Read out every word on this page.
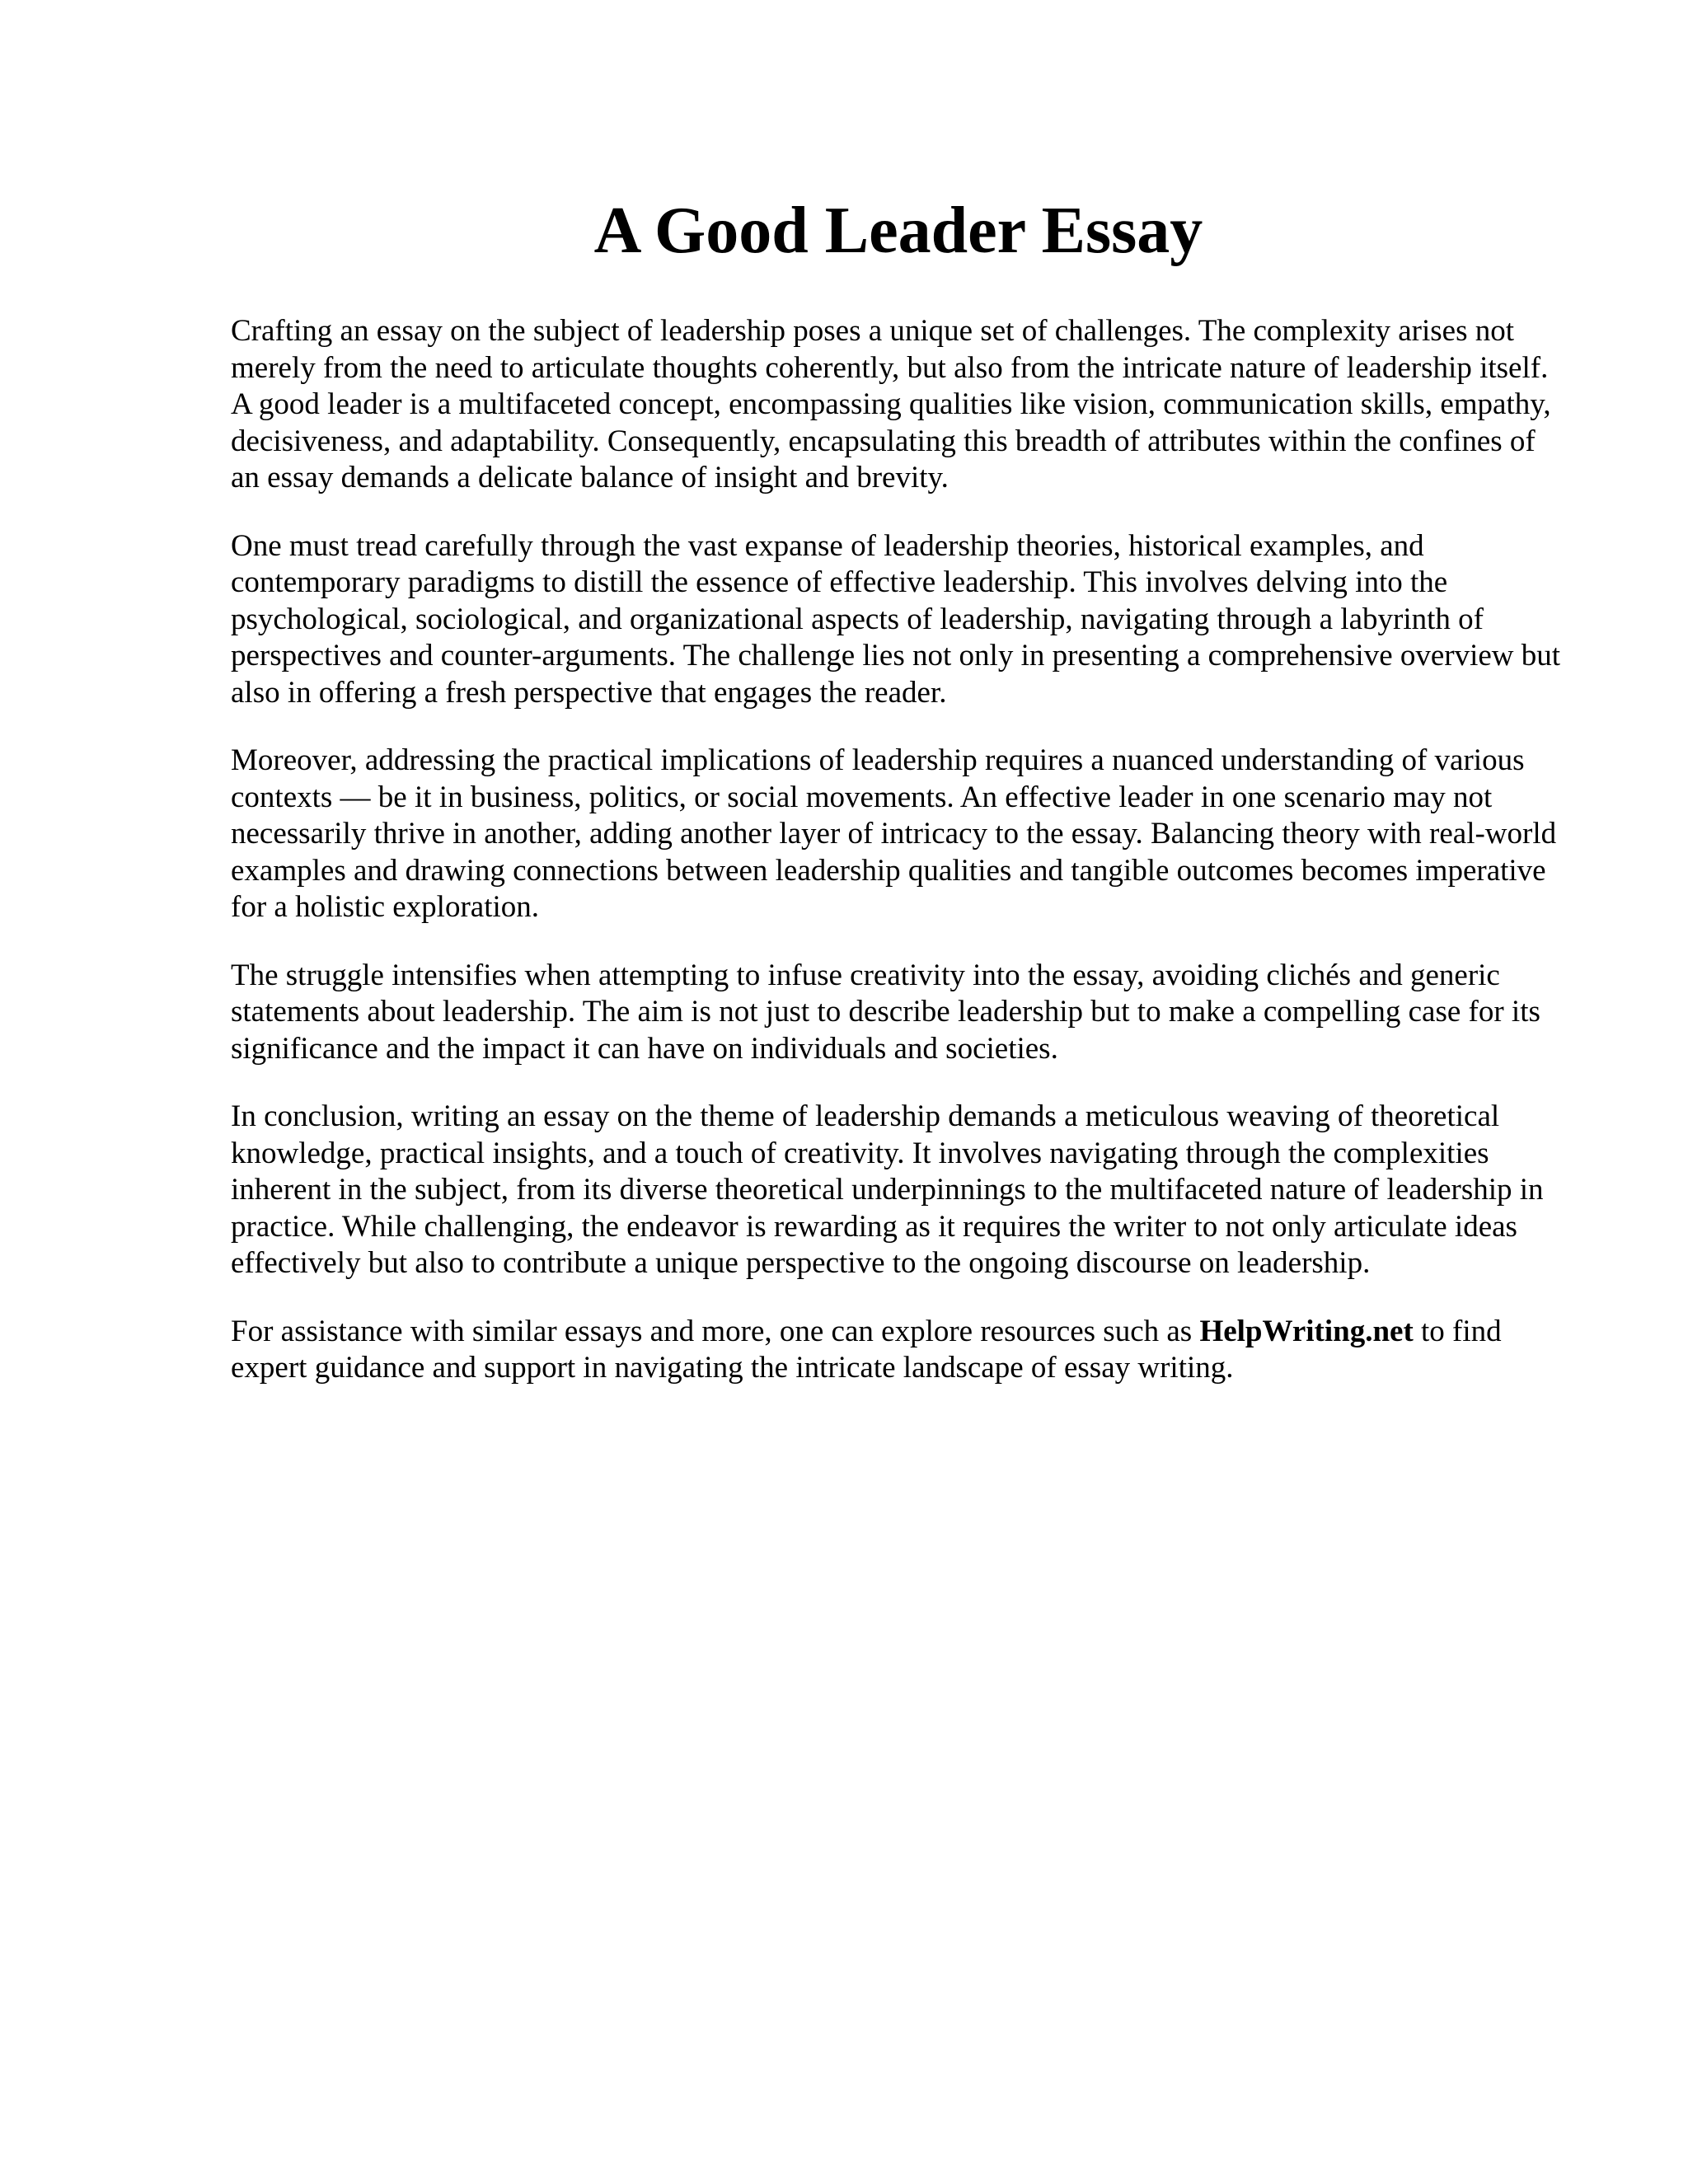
A Good Leader Essay

Crafting an essay on the subject of leadership poses a unique set of challenges. The complexity arises not merely from the need to articulate thoughts coherently, but also from the intricate nature of leadership itself. A good leader is a multifaceted concept, encompassing qualities like vision, communication skills, empathy, decisiveness, and adaptability. Consequently, encapsulating this breadth of attributes within the confines of an essay demands a delicate balance of insight and brevity.

One must tread carefully through the vast expanse of leadership theories, historical examples, and contemporary paradigms to distill the essence of effective leadership. This involves delving into the psychological, sociological, and organizational aspects of leadership, navigating through a labyrinth of perspectives and counter-arguments. The challenge lies not only in presenting a comprehensive overview but also in offering a fresh perspective that engages the reader.

Moreover, addressing the practical implications of leadership requires a nuanced understanding of various contexts — be it in business, politics, or social movements. An effective leader in one scenario may not necessarily thrive in another, adding another layer of intricacy to the essay. Balancing theory with real-world examples and drawing connections between leadership qualities and tangible outcomes becomes imperative for a holistic exploration.

The struggle intensifies when attempting to infuse creativity into the essay, avoiding clichés and generic statements about leadership. The aim is not just to describe leadership but to make a compelling case for its significance and the impact it can have on individuals and societies.

In conclusion, writing an essay on the theme of leadership demands a meticulous weaving of theoretical knowledge, practical insights, and a touch of creativity. It involves navigating through the complexities inherent in the subject, from its diverse theoretical underpinnings to the multifaceted nature of leadership in practice. While challenging, the endeavor is rewarding as it requires the writer to not only articulate ideas effectively but also to contribute a unique perspective to the ongoing discourse on leadership.

For assistance with similar essays and more, one can explore resources such as HelpWriting.net to find expert guidance and support in navigating the intricate landscape of essay writing.
